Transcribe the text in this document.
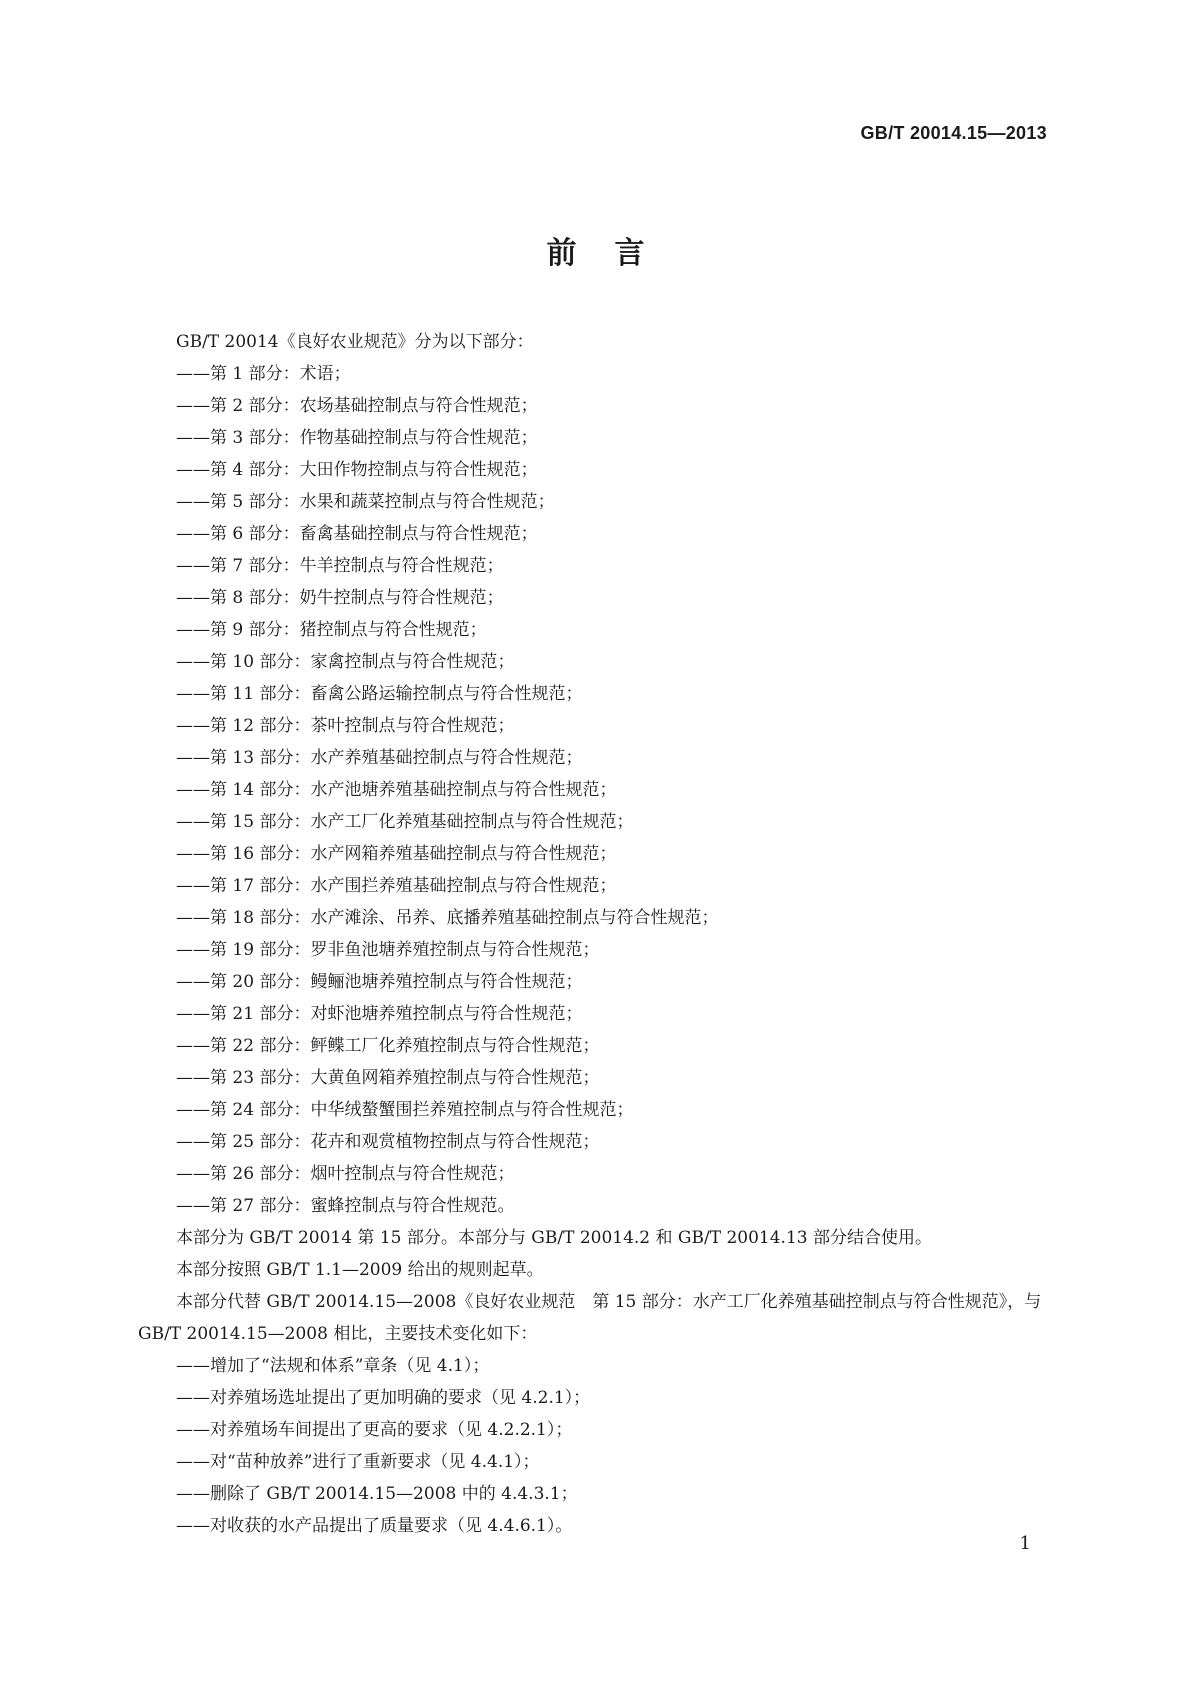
GB/T 20014.15—2013
前言

GB/T 20014《良好农业规范》分为以下部分：

——第 1 部分：术语；
——第 2 部分：农场基础控制点与符合性规范；
——第 3 部分：作物基础控制点与符合性规范；
——第 4 部分：大田作物控制点与符合性规范；
——第 5 部分：水果和蔬菜控制点与符合性规范；
——第 6 部分：畜禽基础控制点与符合性规范；
——第 7 部分：牛羊控制点与符合性规范；
——第 8 部分：奶牛控制点与符合性规范；
——第 9 部分：猪控制点与符合性规范；
——第 10 部分：家禽控制点与符合性规范；
——第 11 部分：畜禽公路运输控制点与符合性规范；
——第 12 部分：茶叶控制点与符合性规范；
——第 13 部分：水产养殖基础控制点与符合性规范；
——第 14 部分：水产池塘养殖基础控制点与符合性规范；
——第 15 部分：水产工厂化养殖基础控制点与符合性规范；
——第 16 部分：水产网箱养殖基础控制点与符合性规范；
——第 17 部分：水产围拦养殖基础控制点与符合性规范；
——第 18 部分：水产滩涂、吊养、底播养殖基础控制点与符合性规范；
——第 19 部分：罗非鱼池塘养殖控制点与符合性规范；
——第 20 部分：鳗鲡池塘养殖控制点与符合性规范；
——第 21 部分：对虾池塘养殖控制点与符合性规范；
——第 22 部分：鲆鲽工厂化养殖控制点与符合性规范；
——第 23 部分：大黄鱼网箱养殖控制点与符合性规范；
——第 24 部分：中华绒螯蟹围拦养殖控制点与符合性规范；
——第 25 部分：花卉和观赏植物控制点与符合性规范；
——第 26 部分：烟叶控制点与符合性规范；
——第 27 部分：蜜蜂控制点与符合性规范。

本部分为 GB/T 20014 第 15 部分。本部分与 GB/T 20014.2 和 GB/T 20014.13 部分结合使用。

本部分按照 GB/T 1.1—2009 给出的规则起草。

本部分代替 GB/T 20014.15—2008《良好农业规范　第 15 部分：水产工厂化养殖基础控制点与符合性规范》，与 GB/T 20014.15—2008 相比，主要技术变化如下：

——增加了“法规和体系”章条（见 4.1）；
——对养殖场选址提出了更加明确的要求（见 4.2.1）；
——对养殖场车间提出了更高的要求（见 4.2.2.1）；
——对“苗种放养”进行了重新要求（见 4.4.1）；
——删除了 GB/T 20014.15—2008 中的 4.4.3.1；
——对收获的水产品提出了质量要求（见 4.4.6.1）。
1
